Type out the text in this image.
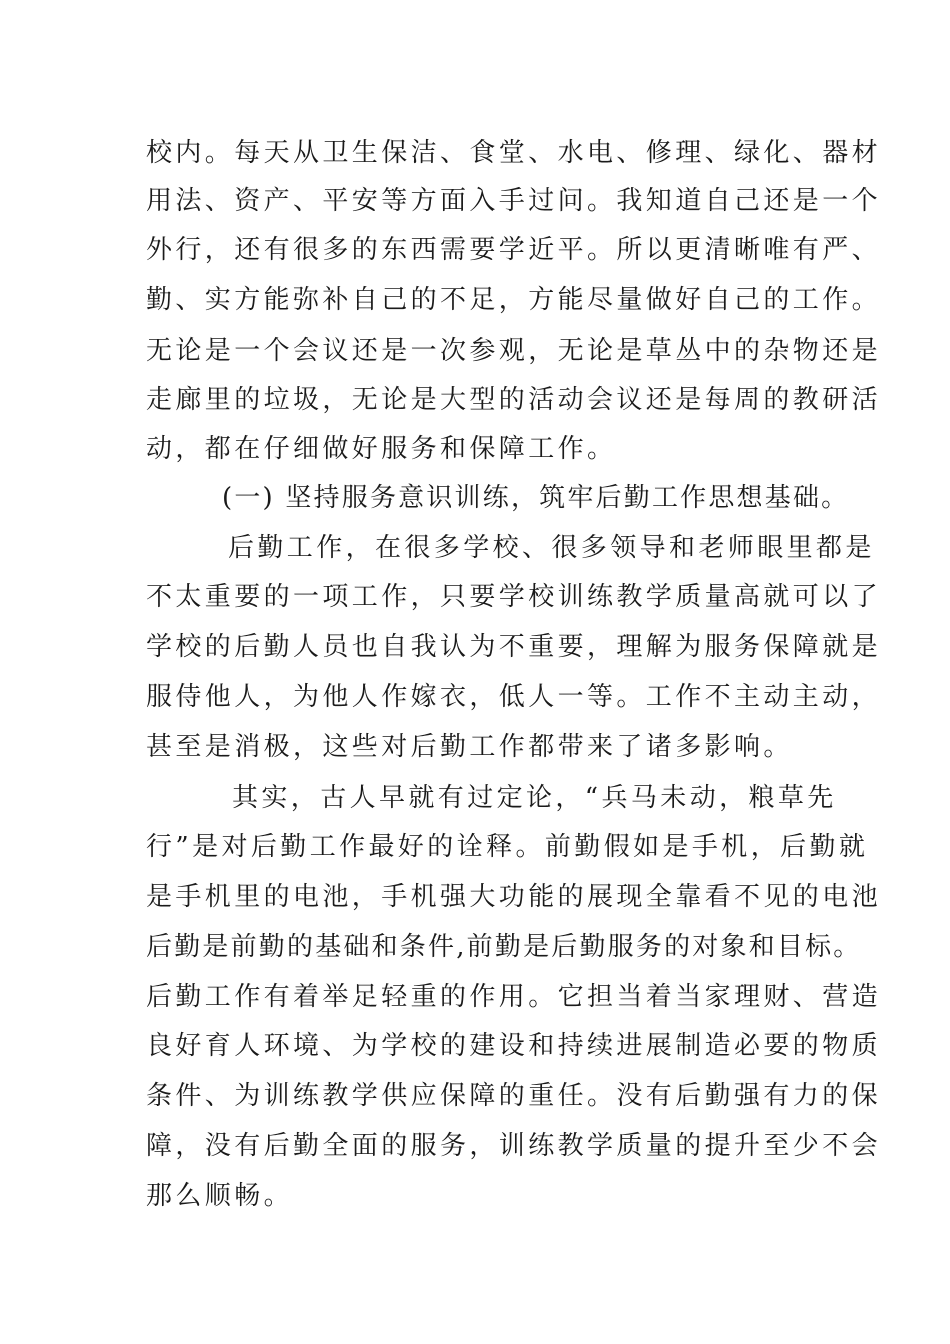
校内。每天从卫生保洁、食堂、水电、修理、绿化、器材
用法、资产、平安等方面入手过问。我知道自己还是一个
外行，还有很多的东西需要学近平。所以更清晰唯有严、
勤、实方能弥补自己的不足，方能尽量做好自己的工作。
无论是一个会议还是一次参观，无论是草丛中的杂物还是
走廊里的垃圾，无论是大型的活动会议还是每周的教研活
动，都在仔细做好服务和保障工作。
(一) 坚持服务意识训练，筑牢后勤工作思想基础。
后勤工作，在很多学校、很多领导和老师眼里都是
不太重要的一项工作，只要学校训练教学质量高就可以了
学校的后勤人员也自我认为不重要，理解为服务保障就是
服侍他人，为他人作嫁衣，低人一等。工作不主动主动，
甚至是消极，这些对后勤工作都带来了诸多影响。
其实，古人早就有过定论，“兵马未动，粮草先
行”是对后勤工作最好的诠释。前勤假如是手机，后勤就
是手机里的电池，手机强大功能的展现全靠看不见的电池
后勤是前勤的基础和条件,前勤是后勤服务的对象和目标。
后勤工作有着举足轻重的作用。它担当着当家理财、营造
良好育人环境、为学校的建设和持续进展制造必要的物质
条件、为训练教学供应保障的重任。没有后勤强有力的保
障，没有后勤全面的服务，训练教学质量的提升至少不会
那么顺畅。
